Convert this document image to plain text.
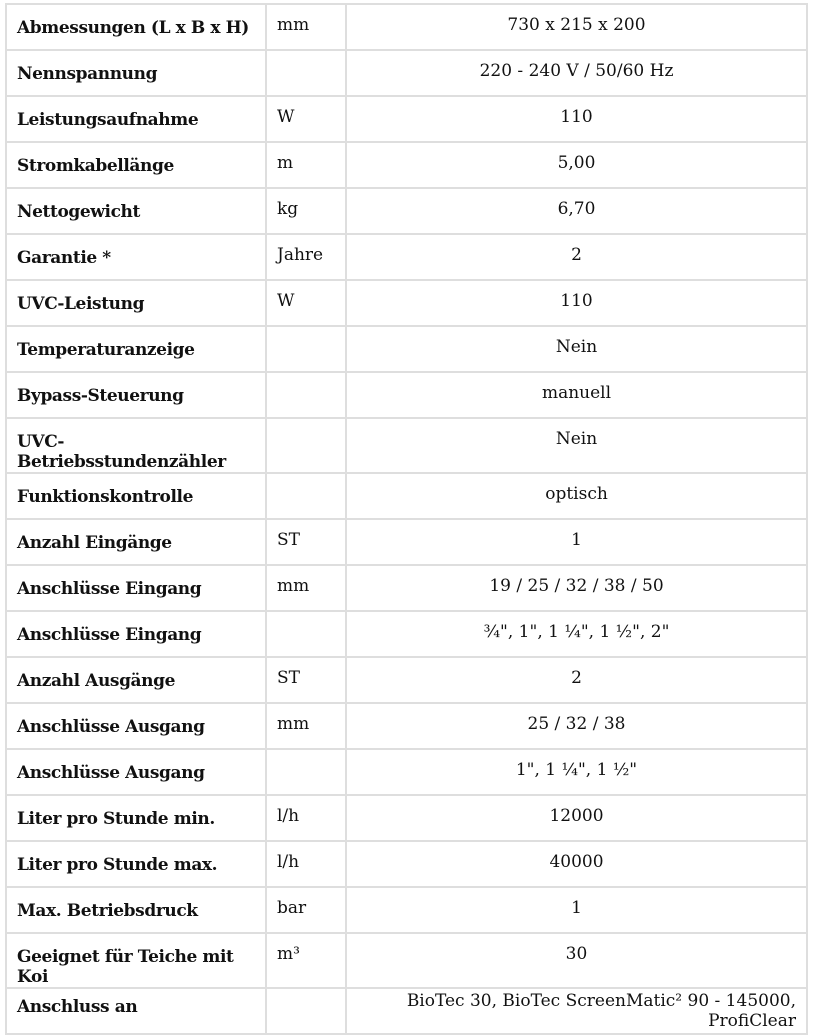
Abmessungen (L x B x H)	mm	730 x 215 x 200
Nennspannung		220 - 240 V / 50/60 Hz
Leistungsaufnahme	W	110
Stromkabellänge	m	5,00
Nettogewicht	kg	6,70
Garantie *	Jahre	2
UVC-Leistung	W	110
Temperaturanzeige		Nein
Bypass-Steuerung		manuell
UVC-Betriebsstundenzähler		Nein
Funktionskontrolle		optisch
Anzahl Eingänge	ST	1
Anschlüsse Eingang	mm	19 / 25 / 32 / 38 / 50
Anschlüsse Eingang		¾", 1", 1 ¼", 1 ½", 2"
Anzahl Ausgänge	ST	2
Anschlüsse Ausgang	mm	25 / 32 / 38
Anschlüsse Ausgang		1", 1 ¼", 1 ½"
Liter pro Stunde min.	l/h	12000
Liter pro Stunde max.	l/h	40000
Max. Betriebsdruck	bar	1
Geeignet für Teiche mit Koi	m³	30
Anschluss an		BioTec 30, BioTec ScreenMatic² 90 - 145000, ProfiClear
